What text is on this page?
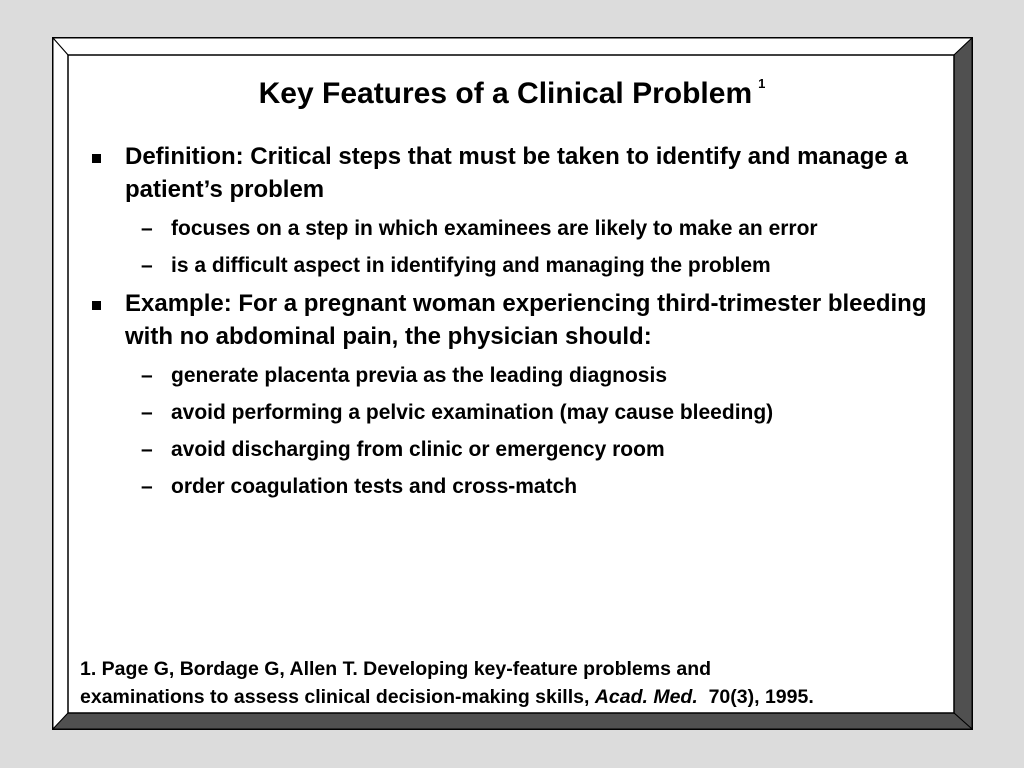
Key Features of a Clinical Problem $^1$
Definition: Critical steps that must be taken to identify and manage a patient’s problem
– focuses on a step in which examinees are likely to make an error
– is a difficult aspect in identifying and managing the problem
Example: For a pregnant woman experiencing third-trimester bleeding with no abdominal pain, the physician should:
– generate placenta previa as the leading diagnosis
– avoid performing a pelvic examination (may cause bleeding)
– avoid discharging from clinic or emergency room
– order coagulation tests and cross-match
1. Page G, Bordage G, Allen T. Developing key-feature problems and
examinations to assess clinical decision-making skills, Acad. Med.  70(3), 1995.
